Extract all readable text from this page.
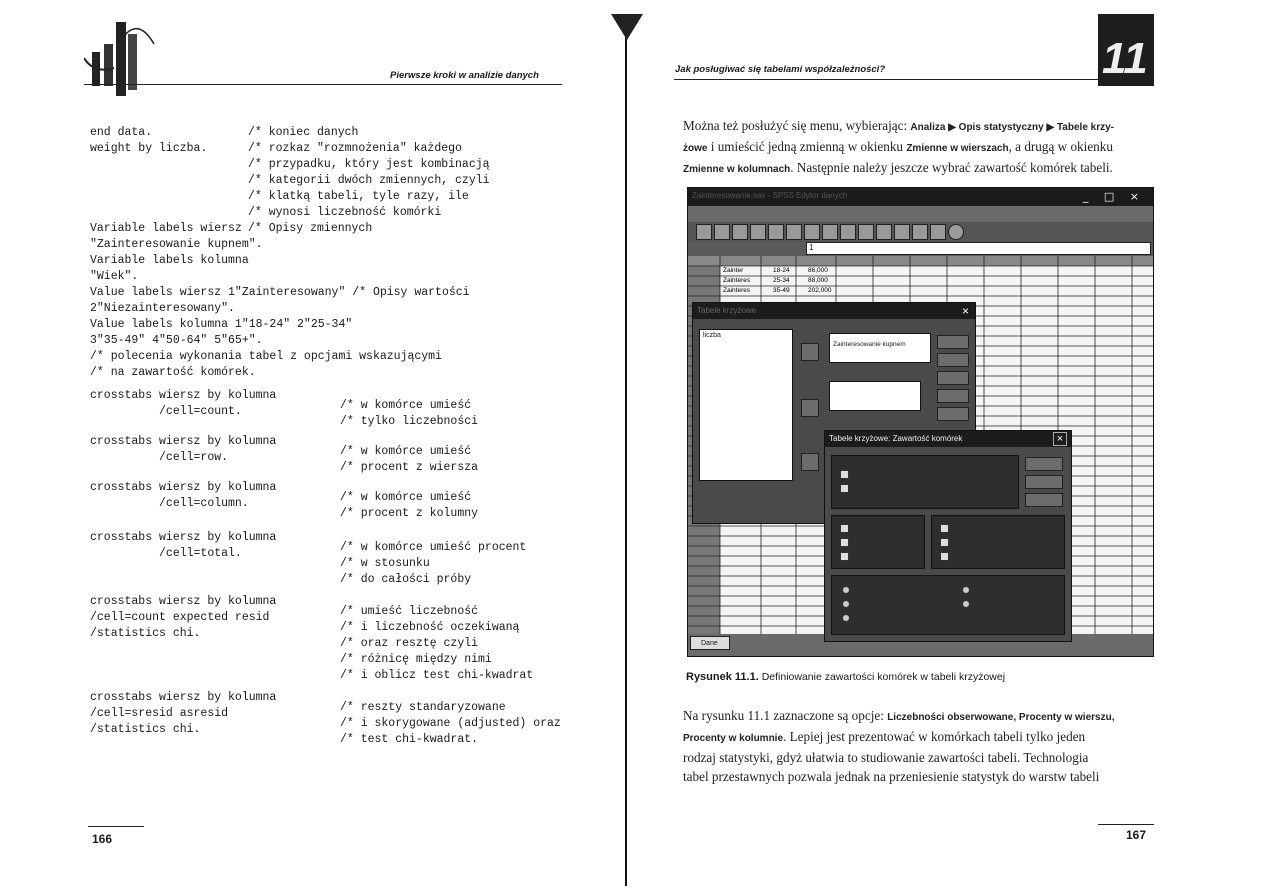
Pierwsze kroki w analizie danych
end data.	/* koniec danych
weight by liczba.	/* rozkaz "rozmnożenia" każdego
/* przypadku, który jest kombinacją
/* kategorii dwóch zmiennych, czyli
/* klatką tabeli, tyle razy, ile
/* wynosi liczebność komórki
Variable labels wiersz /* Opisy zmiennych
"Zainteresowanie kupnem".
Variable labels kolumna
"Wiek".
Value labels wiersz 1"Zainteresowany" /* Opisy wartości
2"Niezainteresowany".
Value labels kolumna 1"18-24" 2"25-34"
3"35-49" 4"50-64" 5"65+".
/* polecenia wykonania tabel z opcjami wskazującymi
/* na zawartość komórek.
crosstabs wiersz by kolumna
/cell=count.	/* w komórce umieść
/* tylko liczebności
crosstabs wiersz by kolumna
/cell=row.	/* w komórce umieść
/* procent z wiersza
crosstabs wiersz by kolumna
/cell=column.	/* w komórce umieść
/* procent z kolumny
crosstabs wiersz by kolumna
/cell=total.	/* w komórce umieść procent
/* w stosunku
/* do całości próby
crosstabs wiersz by kolumna
/cell=count expected resid
/statistics chi.
/* umieść liczebność
/* i liczebność oczekiwaną
/* oraz resztę czyli
/* różnicę między nimi
/* i oblicz test chi-kwadrat
crosstabs wiersz by kolumna
/cell=sresid asresid
/statistics chi.
/* reszty standaryzowane
/* i skorygowane (adjusted) oraz
/* test chi-kwadrat.
166
Jak posługiwać się tabelami współzależności?	11
Można też posłużyć się menu, wybierając: Analiza ▶ Opis statystyczny ▶ Tabele krzy-
żowe i umieścić jedną zmienną w okienku Zmienne w wierszach, a drugą w okienku
Zmienne w kolumnach. Następnie należy jeszcze wybrać zawartość komórek tabeli.
Zainteresowanie.sav - SPSS Edytor danych	_ □ ×
1
Zainter	18-24	86,000
Zainteres	25-34	88,000
Zainteres	35-49	202,000
Dane
Tabele krzyżowe	×
liczba
Zainteresowanie kupnem
Tabele krzyżowe: Zawartość komórek	×
Rysunek 11.1. Definiowanie zawartości komórek w tabeli krzyżowej
Na rysunku 11.1 zaznaczone są opcje: Liczebności obserwowane, Procenty w wierszu,
Procenty w kolumnie. Lepiej jest prezentować w komórkach tabeli tylko jeden
rodzaj statystyki, gdyż ułatwia to studiowanie zawartości tabeli. Technologia
tabel przestawnych pozwala jednak na przeniesienie statystyk do warstw tabeli
167
